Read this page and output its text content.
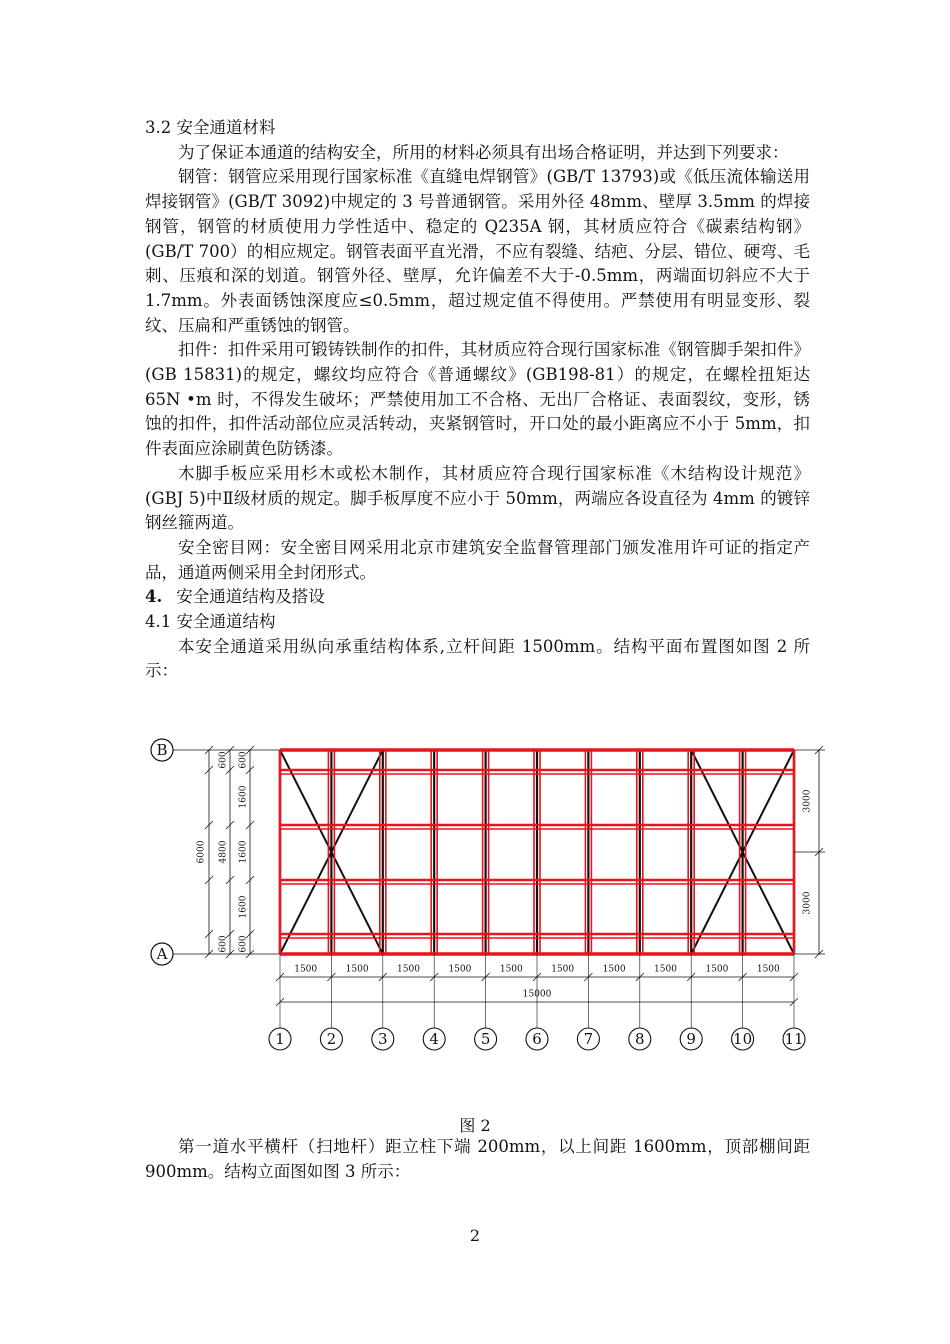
3.2 安全通道材料

为了保证本通道的结构安全，所用的材料必须具有出场合格证明，并达到下列要求：

钢管：钢管应采用现行国家标准《直缝电焊钢管》(GB/T 13793)或《低压流体输送用焊接钢管》(GB/T 3092)中规定的 3 号普通钢管。采用外径 48mm、壁厚 3.5mm 的焊接钢管，钢管的材质使用力学性适中、稳定的 Q235A 钢，其材质应符合《碳素结构钢》(GB/T 700）的相应规定。钢管表面平直光滑，不应有裂缝、结疤、分层、错位、硬弯、毛刺、压痕和深的划道。钢管外径、壁厚，允许偏差不大于-0.5mm，两端面切斜应不大于 1.7mm。外表面锈蚀深度应≤0.5mm，超过规定值不得使用。严禁使用有明显变形、裂纹、压扁和严重锈蚀的钢管。

扣件：扣件采用可锻铸铁制作的扣件，其材质应符合现行国家标准《钢管脚手架扣件》(GB 15831)的规定，螺纹均应符合《普通螺纹》(GB198-81）的规定，在螺栓扭矩达 65N •m 时，不得发生破坏；严禁使用加工不合格、无出厂合格证、表面裂纹，变形，锈蚀的扣件，扣件活动部位应灵活转动，夹紧钢管时，开口处的最小距离应不小于 5mm，扣件表面应涂刷黄色防锈漆。

木脚手板应采用杉木或松木制作，其材质应符合现行国家标准《木结构设计规范》(GBJ 5)中Ⅱ级材质的规定。脚手板厚度不应小于 50mm，两端应各设直径为 4mm 的镀锌钢丝箍两道。

安全密目网：安全密目网采用北京市建筑安全监督管理部门颁发准用许可证的指定产品，通道两侧采用全封闭形式。

4. 安全通道结构及搭设

4.1 安全通道结构

本安全通道采用纵向承重结构体系,立杆间距 1500mm。结构平面布置图如图 2 所示：

B
A
6000 4800
600
600
600
600
1600
1600
1600
3000
3000
1500	1500	1500	1500	1500	1500	1500	1500	1500	1500
15000
1	2	3	4	5	6	7	8	9 10 11
图 2

第一道水平横杆（扫地杆）距立柱下端 200mm，以上间距 1600mm，顶部棚间距 900mm。结构立面图如图 3 所示：

2
